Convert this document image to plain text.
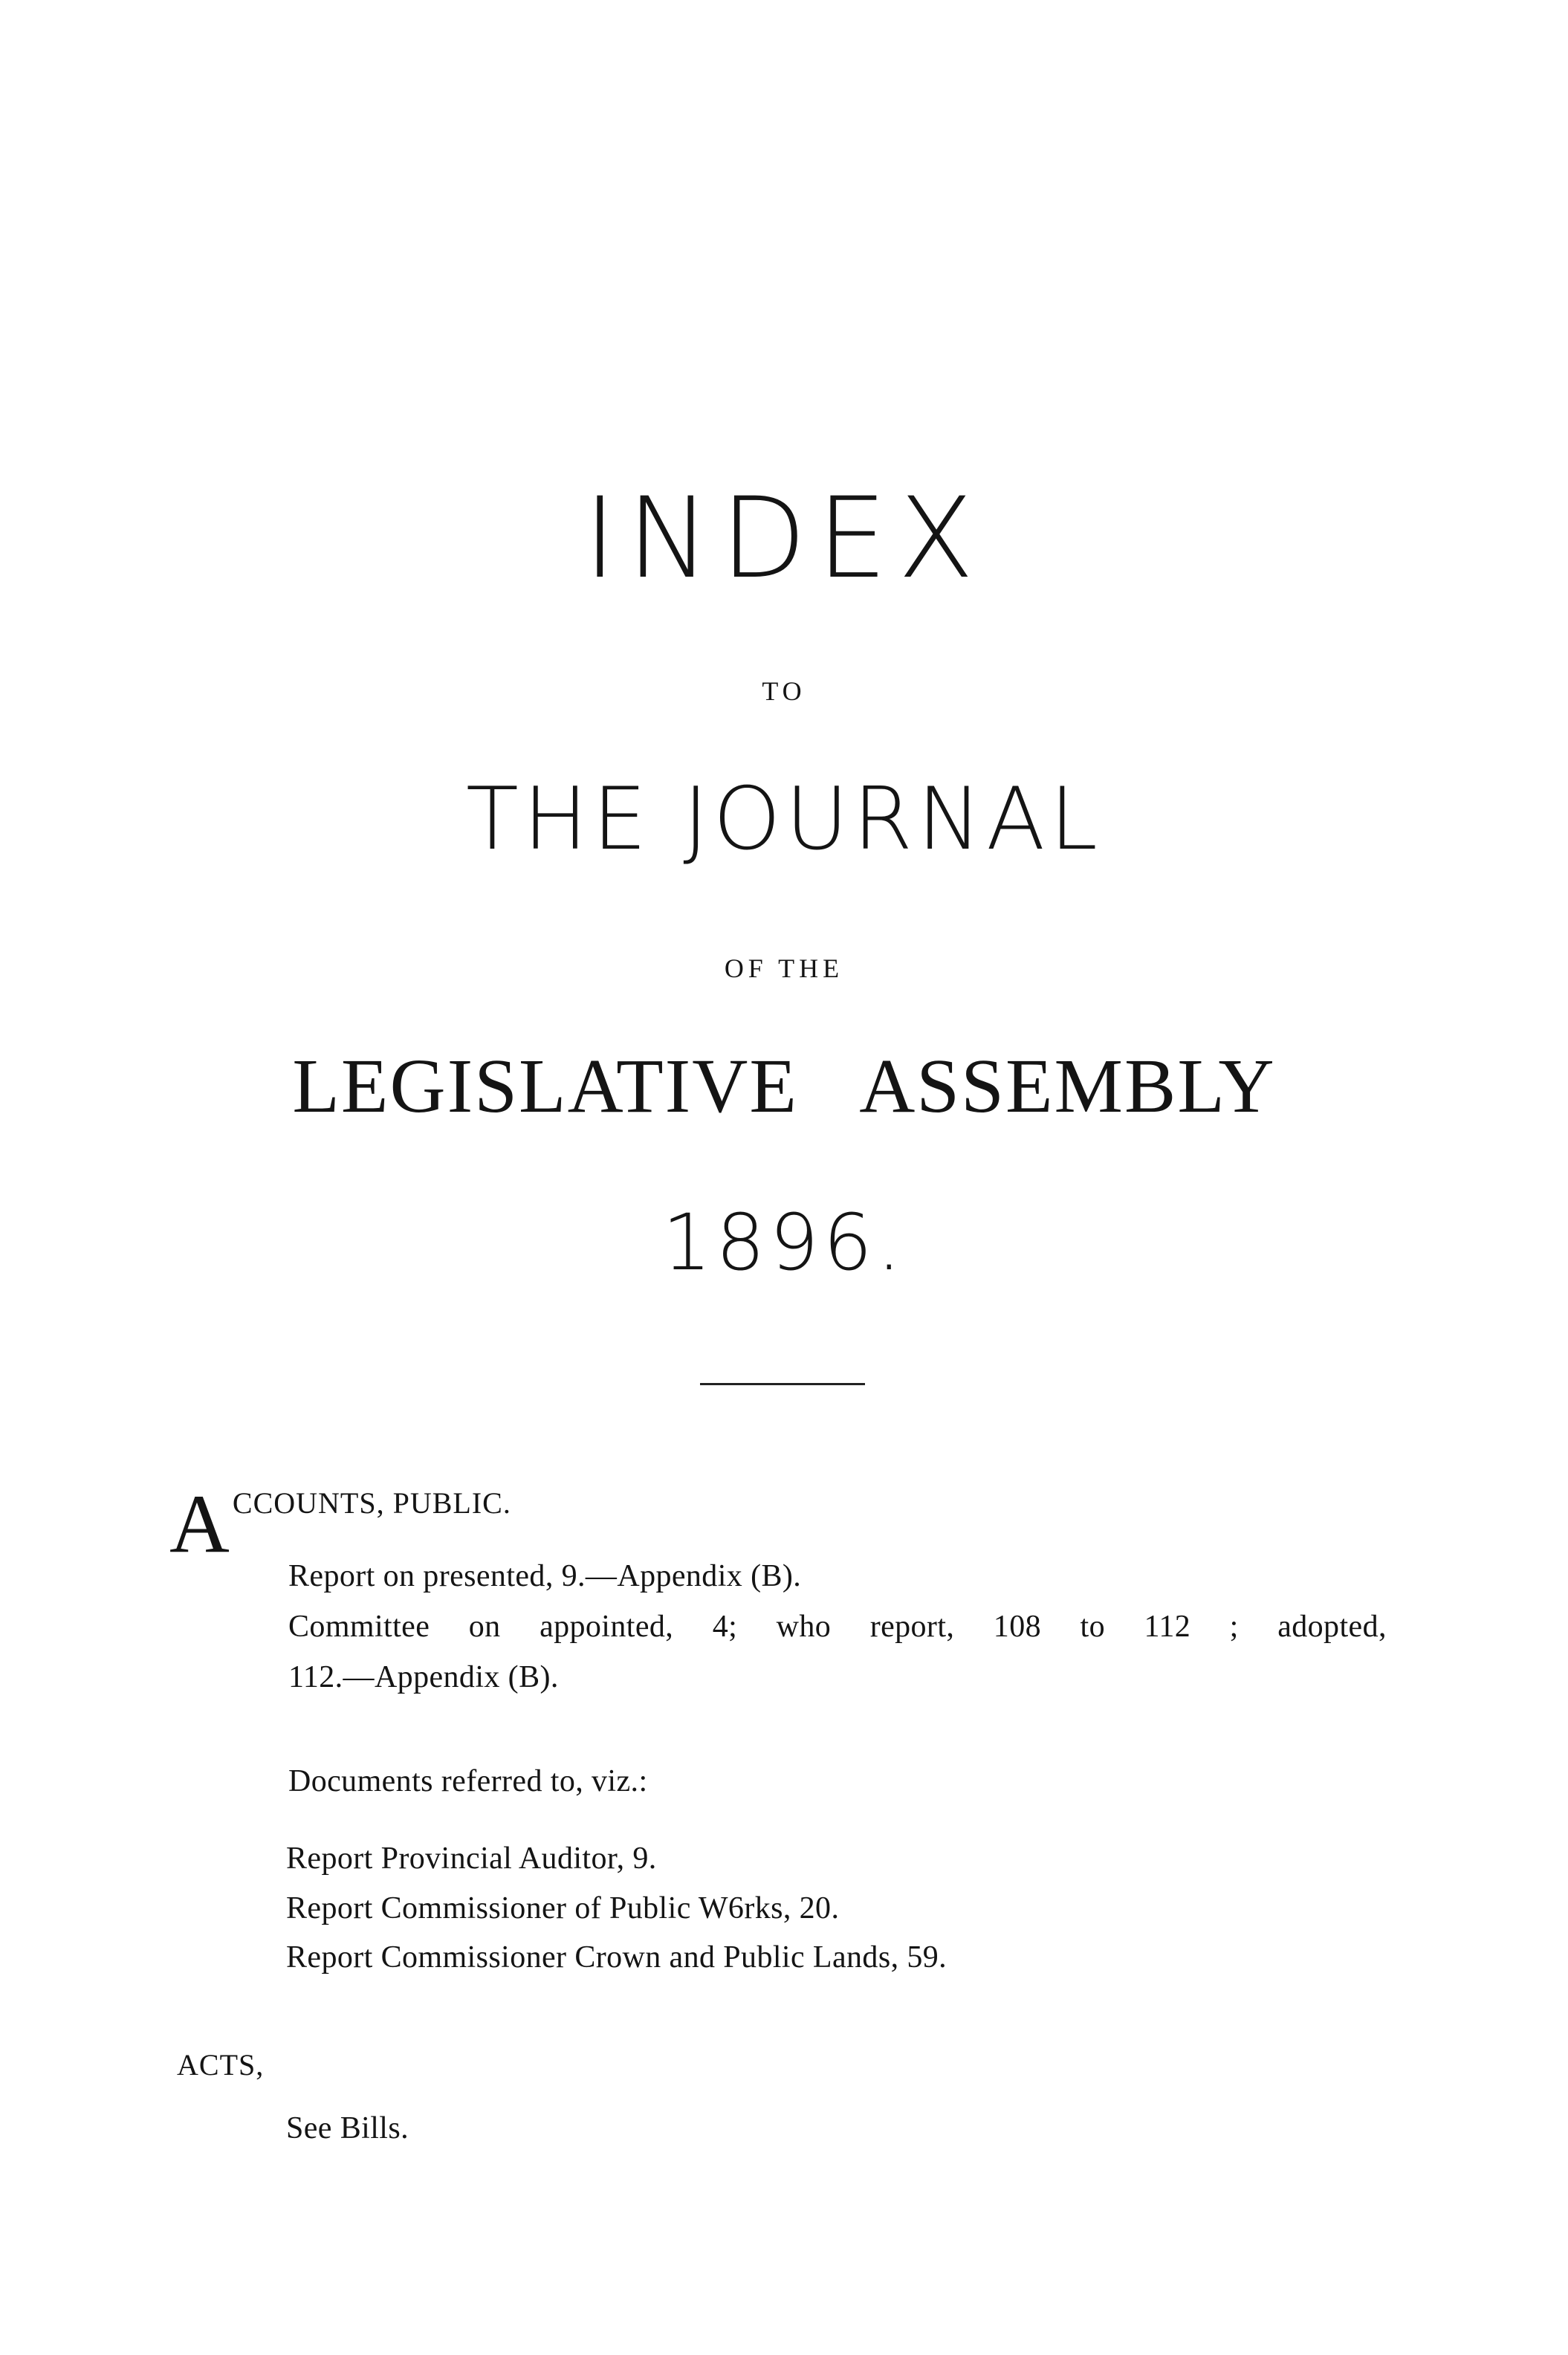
INDEX
TO
THE JOURNAL
OF THE
LEGISLATIVE ASSEMBLY
1896.
ACCOUNTS, PUBLIC.
Report on presented, 9.—Appendix (B).
Committee on appointed, 4; who report, 108 to 112 ; adopted,
112.—Appendix (B).
Documents referred to, viz.:
Report Provincial Auditor, 9.
Report Commissioner of Public W6rks, 20.
Report Commissioner Crown and Public Lands, 59.
ACTS,
See Bills.
